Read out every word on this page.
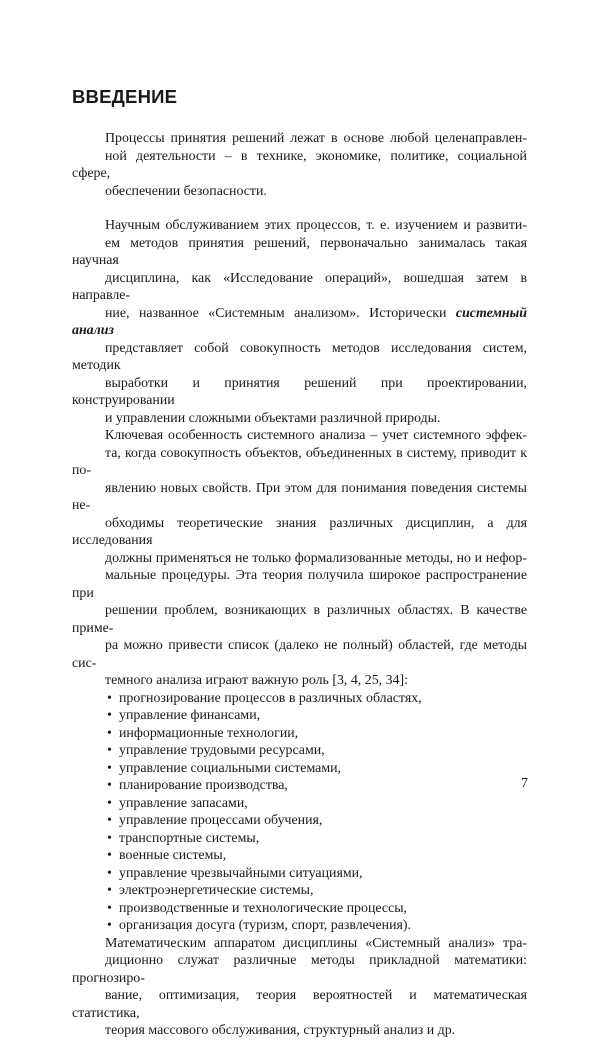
ВВЕДЕНИЕ

Процессы принятия решений лежат в основе любой целенаправлен-
ной деятельности – в технике, экономике, политике, социальной сфере,
обеспечении безопасности.

Научным обслуживанием этих процессов, т. е. изучением и развити-
ем методов принятия решений, первоначально занималась такая научная
дисциплина, как «Исследование операций», вошедшая затем в направле-
ние, названное «Системным анализом». Исторически системный анализ
представляет собой совокупность методов исследования систем, методик
выработки и принятия решений при проектировании, конструировании
и управлении сложными объектами различной природы.

Ключевая особенность системного анализа – учет системного эффек-
та, когда совокупность объектов, объединенных в систему, приводит к по-
явлению новых свойств. При этом для понимания поведения системы не-
обходимы теоретические знания различных дисциплин, а для исследования
должны применяться не только формализованные методы, но и нефор-
мальные процедуры. Эта теория получила широкое распространение при
решении проблем, возникающих в различных областях. В качестве приме-
ра можно привести список (далеко не полный) областей, где методы сис-
темного анализа играют важную роль [3, 4, 25, 34]:

• прогнозирование процессов в различных областях,
• управление финансами,
• информационные технологии,
• управление трудовыми ресурсами,
• управление социальными системами,
• планирование производства,
• управление запасами,
• управление процессами обучения,
• транспортные системы,
• военные системы,
• управление чрезвычайными ситуациями,
• электроэнергетические системы,
• производственные и технологические процессы,
• организация досуга (туризм, спорт, развлечения).

Математическим аппаратом дисциплины «Системный анализ» тра-
диционно служат различные методы прикладной математики: прогнозиро-
вание, оптимизация, теория вероятностей и математическая статистика,
теория массового обслуживания, структурный анализ и др.

7
